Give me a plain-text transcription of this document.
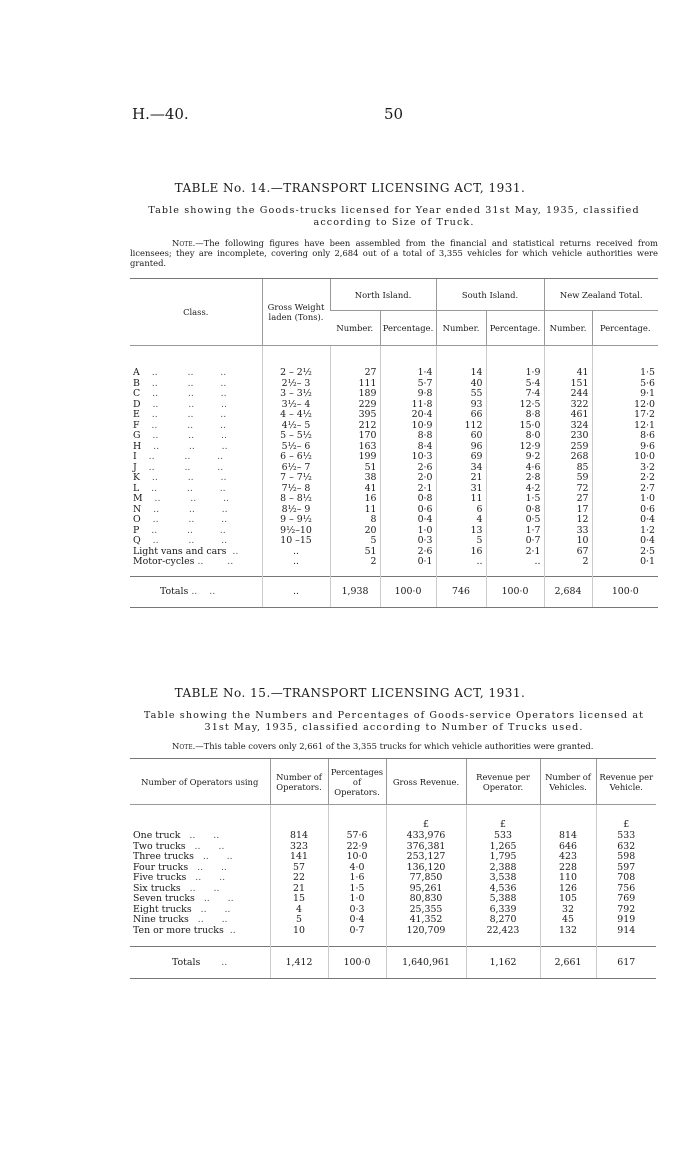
H.—40.	50
TABLE No. 14.—TRANSPORT LICENSING ACT, 1931.
Table showing the Goods-trucks licensed for Year ended 31st May, 1935, classified according to Size of Truck.
Note.—The following figures have been assembled from the financial and statistical returns received from licensees; they are incomplete, covering only 2,684 out of a total of 3,355 vehicles for which vehicle authorities were granted.
Class.	Gross Weight laden (Tons).	North Island.		South Island.		New Zealand Total.	
		Number.	Percentage.	Number.	Percentage.	Number.	Percentage.
A    ..          ..         ..	2 – 2½	27	1·4	14	1·9	41	1·5
B    ..          ..         ..	2½– 3	111	5·7	40	5·4	151	5·6
C    ..          ..         ..	3 – 3½	189	9·8	55	7·4	244	9·1
D    ..          ..         ..	3½– 4	229	11·8	93	12·5	322	12·0
E    ..          ..         ..	4 – 4½	395	20·4	66	8·8	461	17·2
F    ..          ..         ..	4½– 5	212	10·9	112	15·0	324	12·1
G    ..          ..         ..	5 – 5½	170	8·8	60	8·0	230	8·6
H    ..          ..         ..	5½– 6	163	8·4	96	12·9	259	9·6
I    ..          ..         ..	6 – 6½	199	10·3	69	9·2	268	10·0
J    ..          ..         ..	6½– 7	51	2·6	34	4·6	85	3·2
K    ..          ..         ..	7 – 7½	38	2·0	21	2·8	59	2·2
L    ..          ..         ..	7½– 8	41	2·1	31	4·2	72	2·7
M    ..          ..         ..	8 – 8½	16	0·8	11	1·5	27	1·0
N    ..          ..         ..	8½– 9	11	0·6	6	0·8	17	0·6
O    ..          ..         ..	9 – 9½	8	0·4	4	0·5	12	0·4
P    ..          ..         ..	9½–10	20	1·0	13	1·7	33	1·2
Q    ..          ..         ..	10 –15	5	0·3	5	0·7	10	0·4
Light vans and cars  ..	..	51	2·6	16	2·1	67	2·5
Motor-cycles ..        ..	..	2	0·1	..	..	2	0·1
Totals .. ..	..	1,938	100·0	746	100·0	2,684	100·0
TABLE No. 15.—TRANSPORT LICENSING ACT, 1931.
Table showing the Numbers and Percentages of Goods-service Operators licensed at 31st May, 1935, classified according to Number of Trucks used.
Note.—This table covers only 2,661 of the 3,355 trucks for which vehicle authorities were granted.
Number of Operators using	Number of Operators.	Percentages of Operators.	Gross Revenue.	Revenue per Operator.	Number of Vehicles.	Revenue per Vehicle.
			£	£		£
One truck   ..      ..	814	57·6	433,976	533	814	533
Two trucks   ..      ..	323	22·9	376,381	1,265	646	632
Three trucks   ..      ..	141	10·0	253,127	1,795	423	598
Four trucks   ..      ..	57	4·0	136,120	2,388	228	597
Five trucks   ..      ..	22	1·6	77,850	3,538	110	708
Six trucks   ..      ..	21	1·5	95,261	4,536	126	756
Seven trucks   ..      ..	15	1·0	80,830	5,388	105	769
Eight trucks   ..      ..	4	0·3	25,355	6,339	32	792
Nine trucks   ..      ..	5	0·4	41,352	8,270	45	919
Ten or more trucks  ..	10	0·7	120,709	22,423	132	914
Totals ..	1,412	100·0	1,640,961	1,162	2,661	617
